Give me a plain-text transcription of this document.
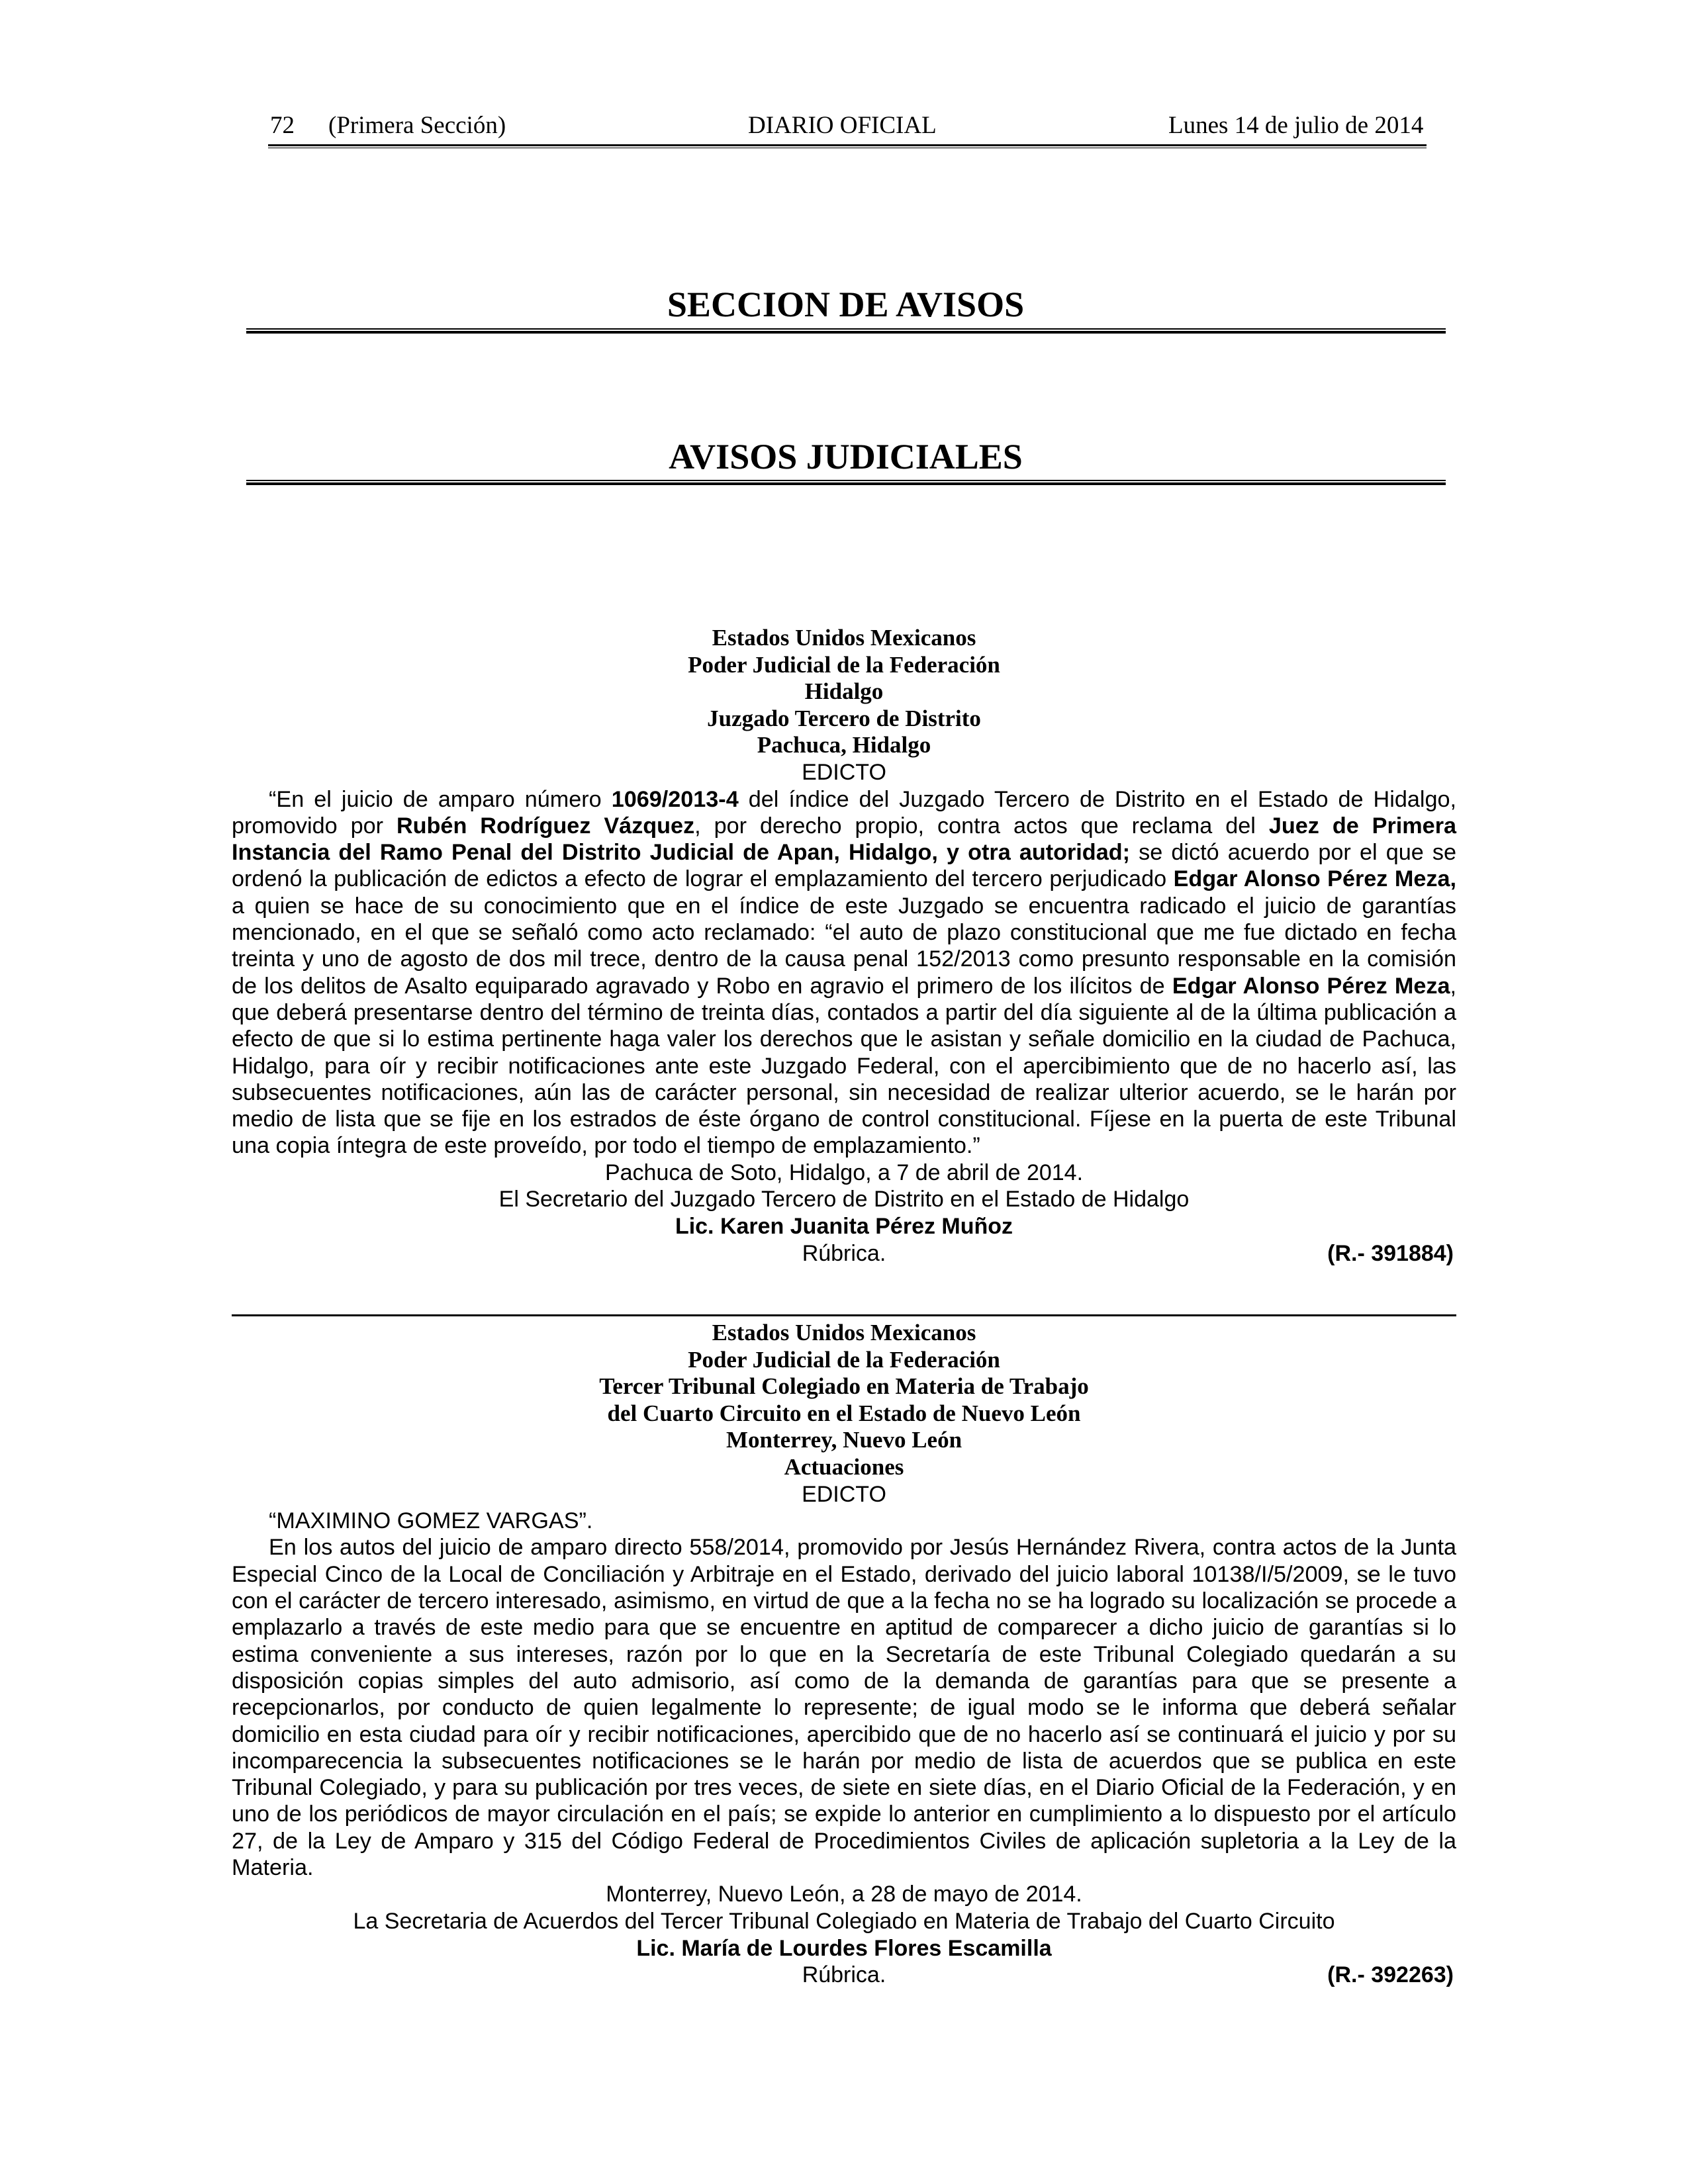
72 (Primera Sección)	DIARIO OFICIAL	Lunes 14 de julio de 2014
SECCION DE AVISOS
AVISOS JUDICIALES
Estados Unidos Mexicanos
Poder Judicial de la Federación
Hidalgo
Juzgado Tercero de Distrito
Pachuca, Hidalgo
EDICTO

“En el juicio de amparo número 1069/2013-4 del índice del Juzgado Tercero de Distrito en el Estado de Hidalgo, promovido por Rubén Rodríguez Vázquez, por derecho propio, contra actos que reclama del Juez de Primera Instancia del Ramo Penal del Distrito Judicial de Apan, Hidalgo, y otra autoridad; se dictó acuerdo por el que se ordenó la publicación de edictos a efecto de lograr el emplazamiento del tercero perjudicado Edgar Alonso Pérez Meza, a quien se hace de su conocimiento que en el índice de este Juzgado se encuentra radicado el juicio de garantías mencionado, en el que se señaló como acto reclamado: “el auto de plazo constitucional que me fue dictado en fecha treinta y uno de agosto de dos mil trece, dentro de la causa penal 152/2013 como presunto responsable en la comisión de los delitos de Asalto equiparado agravado y Robo en agravio el primero de los ilícitos de Edgar Alonso Pérez Meza, que deberá presentarse dentro del término de treinta días, contados a partir del día siguiente al de la última publicación a efecto de que si lo estima pertinente haga valer los derechos que le asistan y señale domicilio en la ciudad de Pachuca, Hidalgo, para oír y recibir notificaciones ante este Juzgado Federal, con el apercibimiento que de no hacerlo así, las subsecuentes notificaciones, aún las de carácter personal, sin necesidad de realizar ulterior acuerdo, se le harán por medio de lista que se fije en los estrados de éste órgano de control constitucional. Fíjese en la puerta de este Tribunal una copia íntegra de este proveído, por todo el tiempo de emplazamiento.”

Pachuca de Soto, Hidalgo, a 7 de abril de 2014.
El Secretario del Juzgado Tercero de Distrito en el Estado de Hidalgo
Lic. Karen Juanita Pérez Muñoz
Rúbrica.	(R.- 391884)
Estados Unidos Mexicanos
Poder Judicial de la Federación
Tercer Tribunal Colegiado en Materia de Trabajo
del Cuarto Circuito en el Estado de Nuevo León
Monterrey, Nuevo León
Actuaciones
EDICTO

“MAXIMINO GOMEZ VARGAS”.

En los autos del juicio de amparo directo 558/2014, promovido por Jesús Hernández Rivera, contra actos de la Junta Especial Cinco de la Local de Conciliación y Arbitraje en el Estado, derivado del juicio laboral 10138/I/5/2009, se le tuvo con el carácter de tercero interesado, asimismo, en virtud de que a la fecha no se ha logrado su localización se procede a emplazarlo a través de este medio para que se encuentre en aptitud de comparecer a dicho juicio de garantías si lo estima conveniente a sus intereses, razón por lo que en la Secretaría de este Tribunal Colegiado quedarán a su disposición copias simples del auto admisorio, así como de la demanda de garantías para que se presente a recepcionarlos, por conducto de quien legalmente lo represente; de igual modo se le informa que deberá señalar domicilio en esta ciudad para oír y recibir notificaciones, apercibido que de no hacerlo así se continuará el juicio y por su incomparecencia la subsecuentes notificaciones se le harán por medio de lista de acuerdos que se publica en este Tribunal Colegiado, y para su publicación por tres veces, de siete en siete días, en el Diario Oficial de la Federación, y en uno de los periódicos de mayor circulación en el país; se expide lo anterior en cumplimiento a lo dispuesto por el artículo 27, de la Ley de Amparo y 315 del Código Federal de Procedimientos Civiles de aplicación supletoria a la Ley de la Materia.

Monterrey, Nuevo León, a 28 de mayo de 2014.
La Secretaria de Acuerdos del Tercer Tribunal Colegiado en Materia de Trabajo del Cuarto Circuito
Lic. María de Lourdes Flores Escamilla
Rúbrica.	(R.- 392263)
